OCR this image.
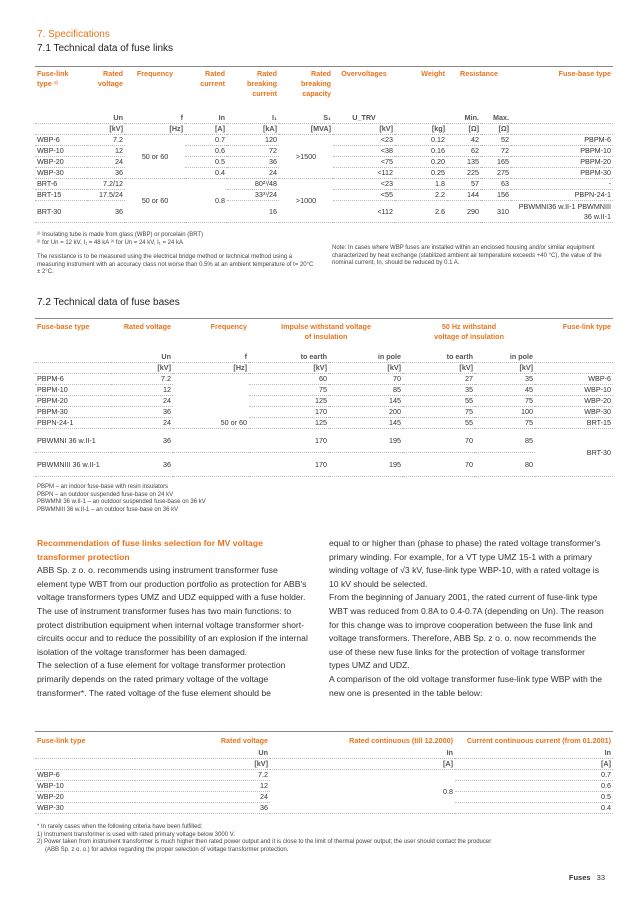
7. Specifications
7.1 Technical data of fuse links
Fuse-link type ¹⁾	Rated voltage	Frequency	Rated current	Rated breaking current	Rated breaking capacity	Overvoltages	Weight	Resistance		Fuse-base type

	Un	f	In	I₁	S₁	U_TRV		Min.	Max.	
	[kV]	[Hz]	[A]	[kA]	[MVA]	[kV]	[kg]	[Ω]	[Ω]	
WBP-6	7.2	50 or 60	0.7	120	>1500	<23	0.12	42	52	PBPM-6
WBP-10	12		0.6	72		<38	0.16	62	72	PBPM-10
WBP-20	24		0.5	36		<75	0.20	135	165	PBPM-20
WBP-30	36		0.4	24		<112	0.25	225	275	PBPM-30
BRT-6	7.2/12	50 or 60	0.8	80²⁾/48	>1000	<23	1.8	57	63	-
BRT-15	17.5/24			33³⁾/24		<55	2.2	144	156	PBPN-24-1
BRT-30	36			16		<112	2.6	290	310	PBWMNI36 w.II-1 PBWMNIII 36 w.II-1
¹⁾ Insulating tube is made from glass (WBP) or porcelain (BRT)
²⁾ for Un = 12 kV, I₁ = 48 kA ³⁾ for Un = 24 kV, I₁ = 24 kA
The resistance is to be measured using the electrical bridge method or technical method using a measuring instrument with an accuracy class not worse than 0.5% at an ambient temperature of t= 20°C ± 2°C.
Note: In cases where WBP fuses are installed within an enclosed housing and/or similar equipment characterized by heat exchange (stabilized ambient air temperature exceeds +40 °C), the value of the nominal current, In, should be reduced by 0.1 A.
7.2 Technical data of fuse bases
Fuse-base type	Rated voltage	Frequency	Impulse withstand voltage of insulation		50 Hz withstand voltage of insulation		Fuse-link type

	Un	f	to earth	in pole	to earth	in pole	
	[kV]	[Hz]	[kV]	[kV]	[kV]	[kV]	
PBPM-6	7.2	50 or 60	60	70	27	35	WBP-6
PBPM-10	12		75	85	35	45	WBP-10
PBPM-20	24		125	145	55	75	WBP-20
PBPM-30	36		170	200	75	100	WBP-30
PBPN-24-1	24		125	145	55	75	BRT-15
PBWMNI 36 w.II-1	36		170	195	70	85	BRT-30
PBWMNIII 36 w.II-1	36		170	195	70	80	
PBPM – an indoor fuse-base with resin insulators
PBPN – an outdoor suspended fuse-base on 24 kV
PBWMNI 36 w.II-1 – an outdoor suspended fuse-base on 36 kV
PBWMNIII 36 w.II-1 – an outdoor fuse-base on 36 kV
Recommendation of fuse links selection for MV voltage transformer protection
ABB Sp. z o. o. recommends using instrument transformer fuse element type WBT from our production portfolio as protection for ABB's voltage transformers types UMZ and UDZ equipped with a fuse holder. The use of instrument transformer fuses has two main functions: to protect distribution equipment when internal voltage transformer short-circuits occur and to reduce the possibility of an explosion if the internal isolation of the voltage transformer has been damaged.
The selection of a fuse element for voltage transformer protection primarily depends on the rated primary voltage of the voltage transformer*. The rated voltage of the fuse element should be
equal to or higher than (phase to phase) the rated voltage transformer's primary winding. For example, for a VT type UMZ 15-1 with a primary winding voltage of √3 kV, fuse-link type WBP-10, with a rated voltage is 10 kV should be selected.
From the beginning of January 2001, the rated current of fuse-link type WBT was reduced from 0.8A to 0.4-0.7A (depending on Un). The reason for this change was to improve cooperation between the fuse link and voltage transformers. Therefore, ABB Sp. z o. o. now recommends the use of these new fuse links for the protection of voltage transformer types UMZ and UDZ.
A comparison of the old voltage transformer fuse-link type WBP with the new one is presented in the table below:
Fuse-link type	Rated voltage	Rated continuous (till 12.2000)	Current continuous current (from 01.2001)
	Un	In	In
	[kV]	[A]	[A]
WBP-6	7.2	0.8	0.7
WBP-10	12		0.6
WBP-20	24		0.5
WBP-30	36		0.4
* In rarely cases when the following criteria have been fulfilled:
1) Instrument transformer is used with rated primary voltage below 3000 V.
2) Power taken from instrument transformer is much higher then rated power output and it is close to the limit of thermal power output; the user should contact the producer
(ABB Sp. z o. o.) for advice regarding the proper selection of voltage transformer protection.
Fuses 33
